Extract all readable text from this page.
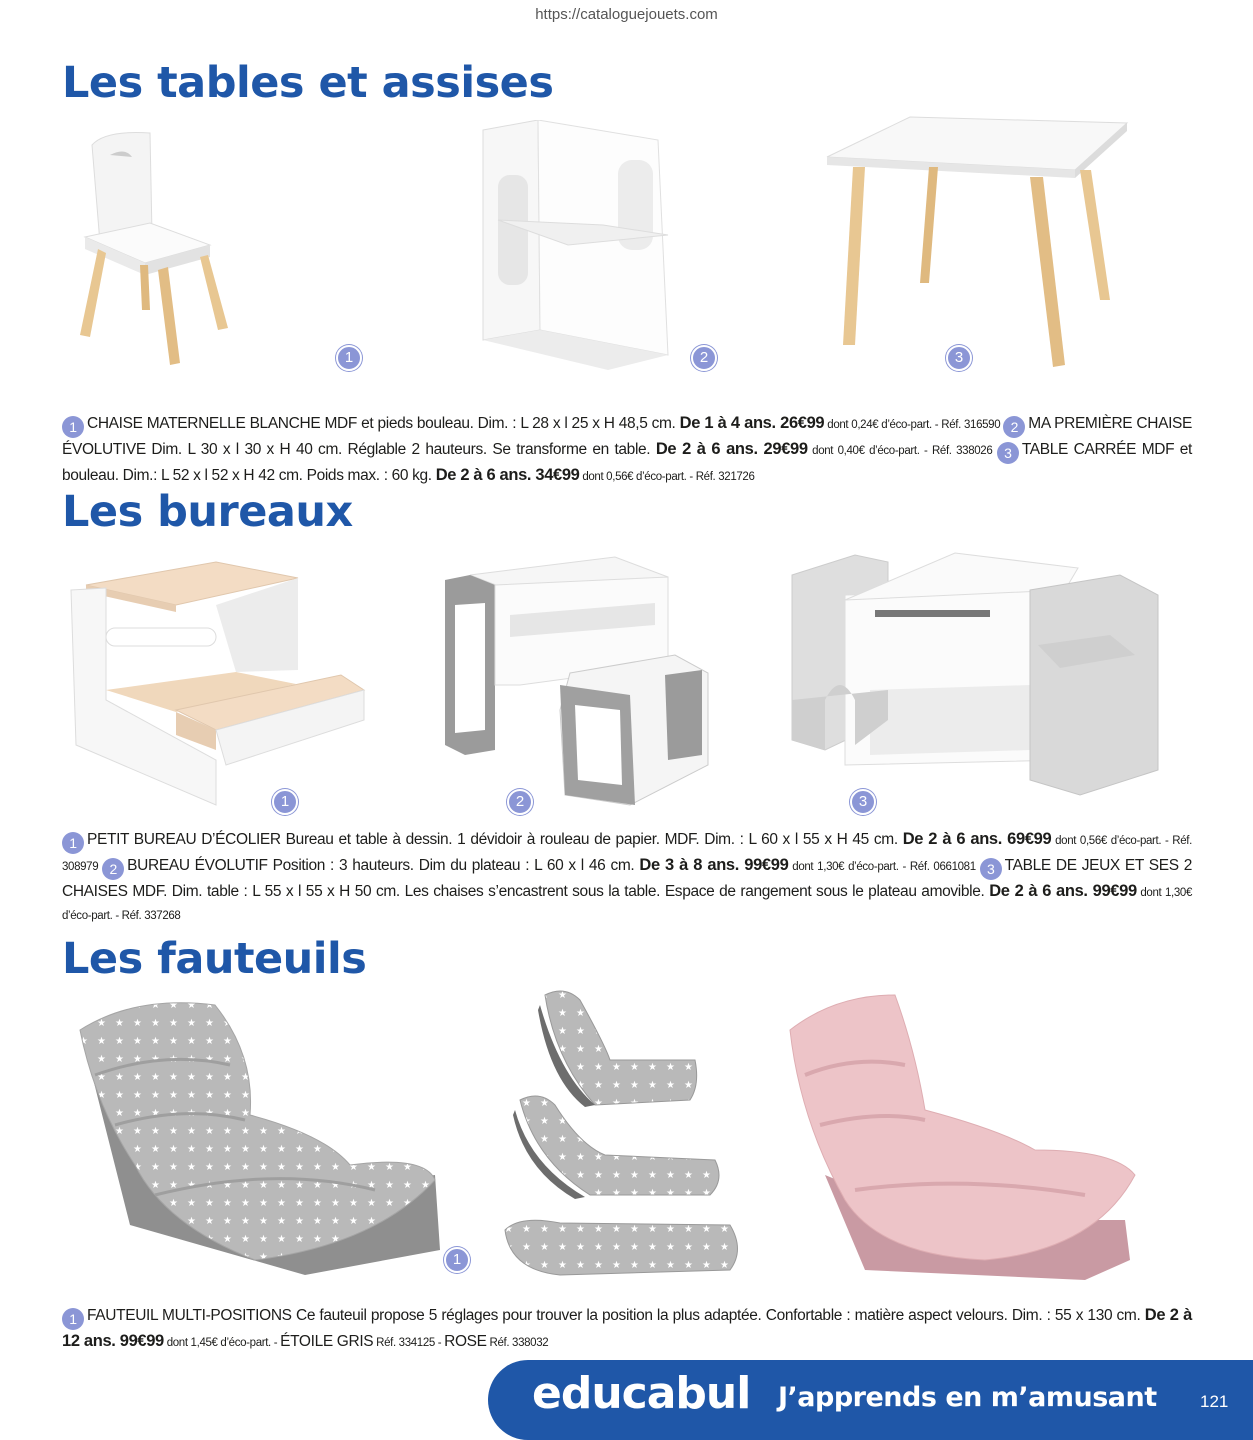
https://cataloguejouets.com
Les tables et assises
1	2	3
1 CHAISE MATERNELLE BLANCHE MDF et pieds bouleau. Dim. : L 28 x l 25 x H 48,5 cm. De 1 à 4 ans. 26€99 dont 0,24€ d’éco-part. - Réf. 316590 2 MA PREMIÈRE CHAISE ÉVOLUTIVE Dim. L 30 x l 30 x H 40 cm. Réglable 2 hauteurs. Se transforme en table. De 2 à 6 ans. 29€99 dont 0,40€ d’éco-part. - Réf. 338026 3 TABLE CARRÉE MDF et bouleau. Dim.: L 52 x l 52 x H 42 cm. Poids max. : 60 kg. De 2 à 6 ans. 34€99 dont 0,56€ d’éco-part. - Réf. 321726
Les bureaux
1	2	3
1 PETIT BUREAU D’ÉCOLIER Bureau et table à dessin. 1 dévidoir à rouleau de papier. MDF. Dim. : L 60 x l 55 x H 45 cm. De 2 à 6 ans. 69€99 dont 0,56€ d’éco-part. - Réf. 308979 2 BUREAU ÉVOLUTIF Position : 3 hauteurs. Dim du plateau : L 60 x l 46 cm. De 3 à 8 ans. 99€99 dont 1,30€ d’éco-part. - Réf. 0661081 3 TABLE DE JEUX ET SES 2 CHAISES MDF. Dim. table : L 55 x l 55 x H 50 cm. Les chaises s’encastrent sous la table. Espace de rangement sous le plateau amovible. De 2 à 6 ans. 99€99 dont 1,30€ d’éco-part. - Réf. 337268
Les fauteuils
1
1 FAUTEUIL MULTI-POSITIONS Ce fauteuil propose 5 réglages pour trouver la position la plus adaptée. Confortable : matière aspect velours. Dim. : 55 x 130 cm. De 2 à 12 ans. 99€99 dont 1,45€ d’éco-part. - ÉTOILE GRIS Réf. 334125 - ROSE Réf. 338032
educabul J’apprends en m’amusant	121
